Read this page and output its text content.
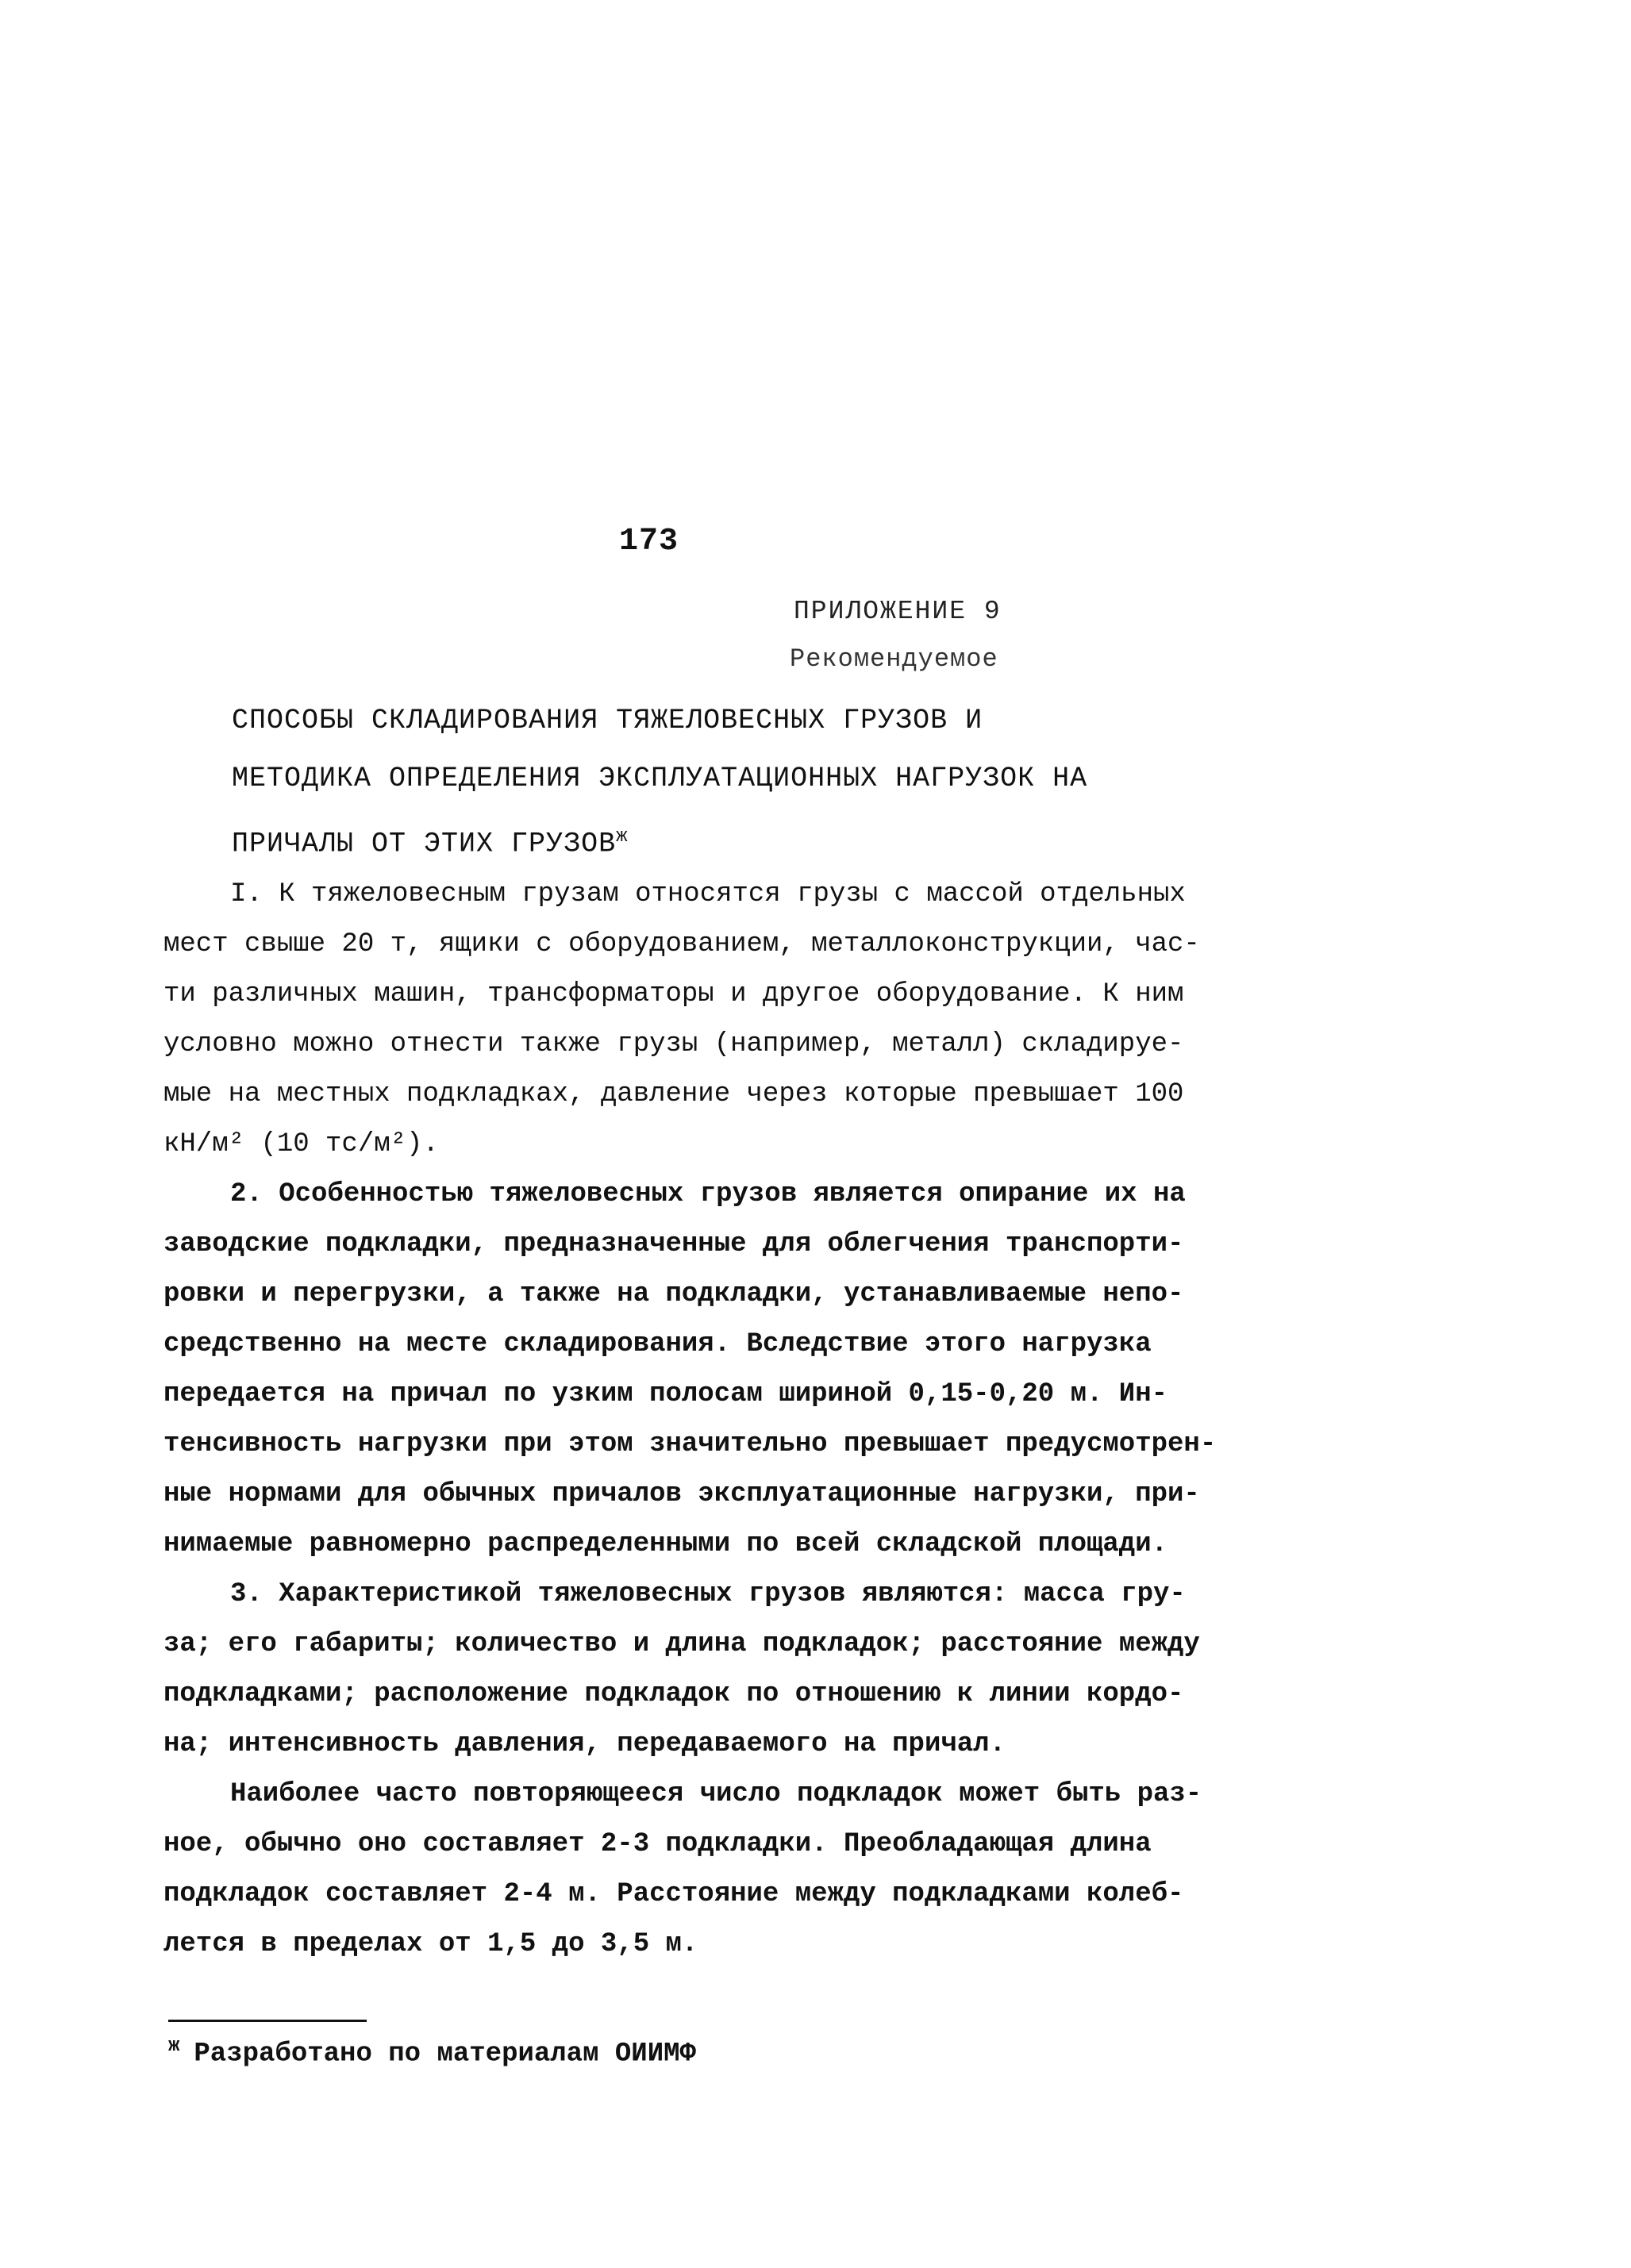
173
ПРИЛОЖЕНИЕ 9
Рекомендуемое
СПОСОБЫ СКЛАДИРОВАНИЯ ТЯЖЕЛОВЕСНЫХ ГРУЗОВ И
МЕТОДИКА ОПРЕДЕЛЕНИЯ ЭКСПЛУАТАЦИОННЫХ НАГРУЗОК НА
ПРИЧАЛЫ ОТ ЭТИХ $ГРУЗОВ^ж$
I. К тяжеловесным грузам относятся грузы с массой отдельных
мест свыше 20 т, ящики с оборудованием, металлоконструкции, час-
ти различных машин, трансформаторы и другое оборудование. К ним
условно можно отнести также грузы (например, металл) складируе-
мые на местных подкладках, давление через которые превышает 100
кН/м² (10 тс/м²).
2. Особенностью тяжеловесных грузов является опирание их на
заводские подкладки, предназначенные для облегчения транспорти-
ровки и перегрузки, а также на подкладки, устанавливаемые непо-
средственно на месте складирования. Вследствие этого нагрузка
передается на причал по узким полосам шириной 0,15-0,20 м. Ин-
тенсивность нагрузки при этом значительно превышает предусмотрен-
ные нормами для обычных причалов эксплуатационные нагрузки, при-
нимаемые равномерно распределенными по всей складской площади.
3. Характеристикой тяжеловесных грузов являются: масса гру-
за; его габариты; количество и длина подкладок; расстояние между
подкладками; расположение подкладок по отношению к линии кордо-
на; интенсивность давления, передаваемого на причал.
Наиболее часто повторяющееся число подкладок может быть раз-
ное, обычно оно составляет 2-3 подкладки. Преобладающая длина
подкладок составляет 2-4 м. Расстояние между подкладками колеб-
лется в пределах от 1,5 до 3,5 м.
$^ж$ Разработано по материалам ОИИМФ
